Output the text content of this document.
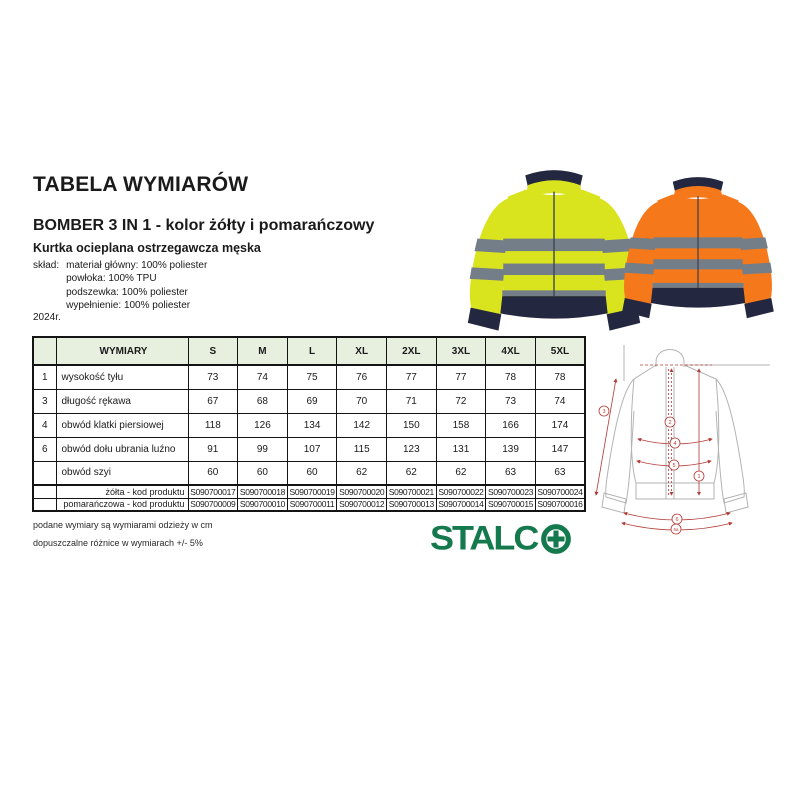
TABELA WYMIARÓW
BOMBER 3 IN 1 - kolor żółty i pomarańczowy
Kurtka ocieplana ostrzegawcza męska
skład: materiał główny: 100% poliester
powłoka: 100% TPU
podszewka: 100% poliester
wypełnienie: 100% poliester
2024r.
	WYMIARY	S	M	L	XL	2XL	3XL	4XL	5XL
1	wysokość tyłu	73	74	75	76	77	77	78	78
3	długość rękawa	67	68	69	70	71	72	73	74
4	obwód klatki piersiowej	118	126	134	142	150	158	166	174
6	obwód dołu ubrania luźno	91	99	107	115	123	131	139	147
	obwód szyi	60	60	60	62	62	62	63	63
	żółta - kod produktu	S090700017	S090700018	S090700019	S090700020	S090700021	S090700022	S090700023	S090700024
	pomarańczowa - kod produktu	S090700009	S090700010	S090700011	S090700012	S090700013	S090700014	S090700015	S090700016
podane wymiary są wymiarami odzieży w cm
dopuszczalne różnice w wymiarach +/- 5%	STALC
1
2
3
4
5
6
6a
